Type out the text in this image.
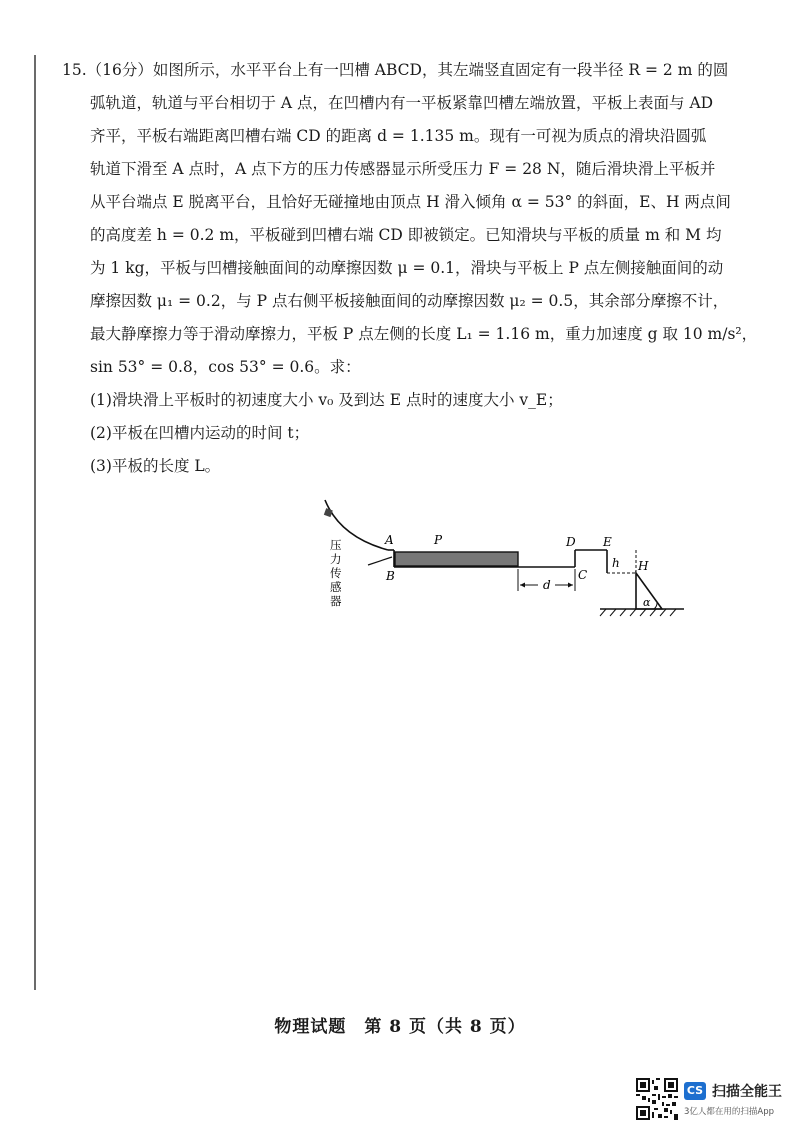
15.（16分）如图所示，水平平台上有一凹槽 ABCD，其左端竖直固定有一段半径 R = 2 m 的圆
弧轨道，轨道与平台相切于 A 点，在凹槽内有一平板紧靠凹槽左端放置，平板上表面与 AD
齐平，平板右端距离凹槽右端 CD 的距离 d = 1.135 m。现有一可视为质点的滑块沿圆弧
轨道下滑至 A 点时，A 点下方的压力传感器显示所受压力 F = 28 N，随后滑块滑上平板并
从平台端点 E 脱离平台，且恰好无碰撞地由顶点 H 滑入倾角 α = 53° 的斜面，E、H 两点间
的高度差 h = 0.2 m，平板碰到凹槽右端 CD 即被锁定。已知滑块与平板的质量 m 和 M 均
为 1 kg，平板与凹槽接触面间的动摩擦因数 μ = 0.1，滑块与平板上 P 点左侧接触面间的动
摩擦因数 μ₁ = 0.2，与 P 点右侧平板接触面间的动摩擦因数 μ₂ = 0.5，其余部分摩擦不计，
最大静摩擦力等于滑动摩擦力，平板 P 点左侧的长度 L₁ = 1.16 m，重力加速度 g 取 10 m/s²，
sin 53° = 0.8，cos 53° = 0.6。求：
(1)滑块滑上平板时的初速度大小 v₀ 及到达 E 点时的速度大小 v_E；
(2)平板在凹槽内运动的时间 t；
(3)平板的长度 L。
A
B
P	D
C
E
h H
d
α
压
力
传
感
器
物理试题　第 8 页（共 8 页）
CS 扫描全能王
3亿人都在用的扫描App
